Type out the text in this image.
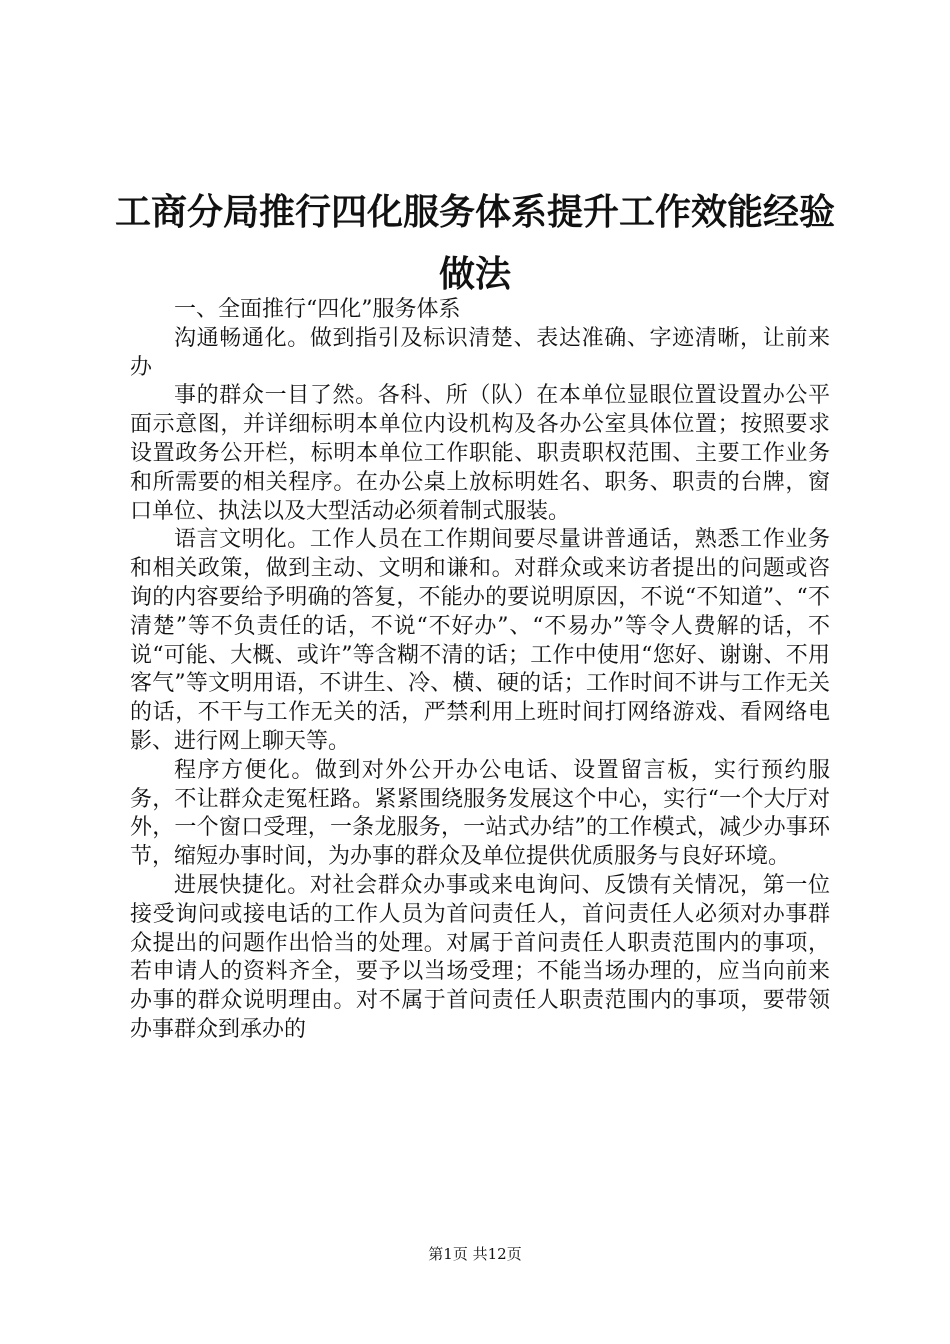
工商分局推行四化服务体系提升工作效能经验做法

一、全面推行“四化”服务体系

沟通畅通化。做到指引及标识清楚、表达准确、字迹清晰，让前来办

事的群众一目了然。各科、所（队）在本单位显眼位置设置办公平面示意图，并详细标明本单位内设机构及各办公室具体位置；按照要求设置政务公开栏，标明本单位工作职能、职责职权范围、主要工作业务和所需要的相关程序。在办公桌上放标明姓名、职务、职责的台牌，窗口单位、执法以及大型活动必须着制式服装。

语言文明化。工作人员在工作期间要尽量讲普通话，熟悉工作业务和相关政策，做到主动、文明和谦和。对群众或来访者提出的问题或咨询的内容要给予明确的答复，不能办的要说明原因，不说“不知道”、“不清楚”等不负责任的话，不说“不好办”、“不易办”等令人费解的话，不说“可能、大概、或许”等含糊不清的话；工作中使用“您好、谢谢、不用客气”等文明用语，不讲生、冷、横、硬的话；工作时间不讲与工作无关的话，不干与工作无关的活，严禁利用上班时间打网络游戏、看网络电影、进行网上聊天等。

程序方便化。做到对外公开办公电话、设置留言板，实行预约服务，不让群众走冤枉路。紧紧围绕服务发展这个中心，实行“一个大厅对外，一个窗口受理，一条龙服务，一站式办结”的工作模式，减少办事环节，缩短办事时间，为办事的群众及单位提供优质服务与良好环境。

进展快捷化。对社会群众办事或来电询问、反馈有关情况，第一位接受询问或接电话的工作人员为首问责任人，首问责任人必须对办事群众提出的问题作出恰当的处理。对属于首问责任人职责范围内的事项，若申请人的资料齐全，要予以当场受理；不能当场办理的，应当向前来办事的群众说明理由。对不属于首问责任人职责范围内的事项，要带领办事群众到承办的

第1页 共12页
